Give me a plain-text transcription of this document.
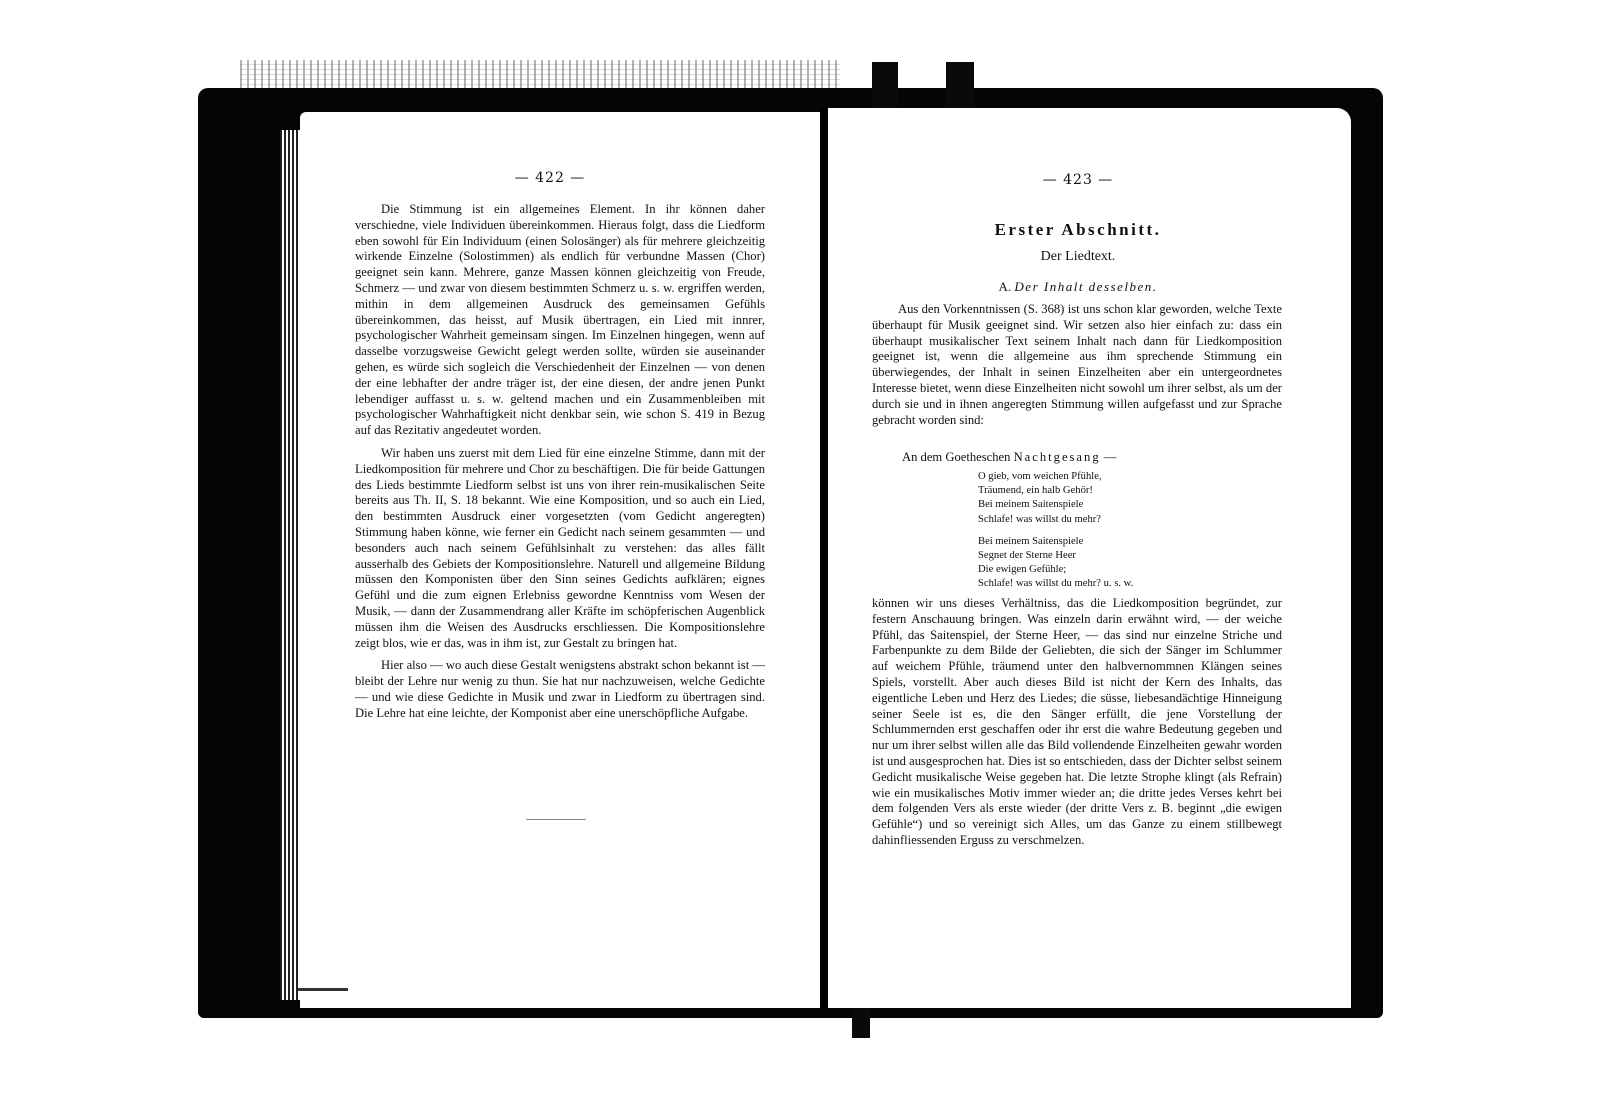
— 422 —

Die Stimmung ist ein allgemeines Element. In ihr können daher verschiedne, viele Individuen übereinkommen. Hieraus folgt, dass die Liedform eben sowohl für Ein Individuum (einen Solosänger) als für mehrere gleichzeitig wirkende Einzelne (Solostimmen) als endlich für verbundne Massen (Chor) geeignet sein kann. Mehrere, ganze Massen können gleichzeitig von Freude, Schmerz — und zwar von diesem bestimmten Schmerz u. s. w. ergriffen werden, mithin in dem allgemeinen Ausdruck des gemeinsamen Gefühls übereinkommen, das heisst, auf Musik übertragen, ein Lied mit innrer, psychologischer Wahrheit gemeinsam singen. Im Einzelnen hingegen, wenn auf dasselbe vorzugsweise Gewicht gelegt werden sollte, würden sie auseinander gehen, es würde sich sogleich die Verschiedenheit der Einzelnen — von denen der eine lebhafter der andre träger ist, der eine diesen, der andre jenen Punkt lebendiger auffasst u. s. w. geltend machen und ein Zusammenbleiben mit psychologischer Wahrhaftigkeit nicht denkbar sein, wie schon S. 419 in Bezug auf das Rezitativ angedeutet worden.

Wir haben uns zuerst mit dem Lied für eine einzelne Stimme, dann mit der Liedkomposition für mehrere und Chor zu beschäftigen. Die für beide Gattungen des Lieds bestimmte Liedform selbst ist uns von ihrer rein-musikalischen Seite bereits aus Th. II, S. 18 bekannt. Wie eine Komposition, und so auch ein Lied, den bestimmten Ausdruck einer vorgesetzten (vom Gedicht angeregten) Stimmung haben könne, wie ferner ein Gedicht nach seinem gesammten — und besonders auch nach seinem Gefühlsinhalt zu verstehen: das alles fällt ausserhalb des Gebiets der Kompositionslehre. Naturell und allgemeine Bildung müssen den Komponisten über den Sinn seines Gedichts aufklären; eignes Gefühl und die zum eignen Erlebniss gewordne Kenntniss vom Wesen der Musik, — dann der Zusammendrang aller Kräfte im schöpferischen Augenblick müssen ihm die Weisen des Ausdrucks erschliessen. Die Kompositionslehre zeigt blos, wie er das, was in ihm ist, zur Gestalt zu bringen hat.

Hier also — wo auch diese Gestalt wenigstens abstrakt schon bekannt ist — bleibt der Lehre nur wenig zu thun. Sie hat nur nachzuweisen, welche Gedichte — und wie diese Gedichte in Musik und zwar in Liedform zu übertragen sind. Die Lehre hat eine leichte, der Komponist aber eine unerschöpfliche Aufgabe.

— 423 —
Erster Abschnitt.
Der Liedtext.
A. Der Inhalt desselben.

Aus den Vorkenntnissen (S. 368) ist uns schon klar geworden, welche Texte überhaupt für Musik geeignet sind. Wir setzen also hier einfach zu: dass ein überhaupt musikalischer Text seinem Inhalt nach dann für Liedkomposition geeignet ist, wenn die allgemeine aus ihm sprechende Stimmung ein überwiegendes, der Inhalt in seinen Einzelheiten aber ein untergeordnetes Interesse bietet, wenn diese Einzelheiten nicht sowohl um ihrer selbst, als um der durch sie und in ihnen angeregten Stimmung willen aufgefasst und zur Sprache gebracht worden sind:

An dem Goetheschen Nachtgesang —
O gieb, vom weichen Pfühle,
Träumend, ein halb Gehör!
Bei meinem Saitenspiele
Schlafe! was willst du mehr?
Bei meinem Saitenspiele
Segnet der Sterne Heer
Die ewigen Gefühle;
Schlafe! was willst du mehr? u. s. w.

können wir uns dieses Verhältniss, das die Liedkomposition begründet, zur festern Anschauung bringen. Was einzeln darin erwähnt wird, — der weiche Pfühl, das Saitenspiel, der Sterne Heer, — das sind nur einzelne Striche und Farbenpunkte zu dem Bilde der Geliebten, die sich der Sänger im Schlummer auf weichem Pfühle, träumend unter den halbvernommnen Klängen seines Spiels, vorstellt. Aber auch dieses Bild ist nicht der Kern des Inhalts, das eigentliche Leben und Herz des Liedes; die süsse, liebesandächtige Hinneigung seiner Seele ist es, die den Sänger erfüllt, die jene Vorstellung der Schlummernden erst geschaffen oder ihr erst die wahre Bedeutung gegeben und nur um ihrer selbst willen alle das Bild vollendende Einzelheiten gewahr worden ist und ausgesprochen hat. Dies ist so entschieden, dass der Dichter selbst seinem Gedicht musikalische Weise gegeben hat. Die letzte Strophe klingt (als Refrain) wie ein musikalisches Motiv immer wieder an; die dritte jedes Verses kehrt bei dem folgenden Vers als erste wieder (der dritte Vers z. B. beginnt „die ewigen Gefühle“) und so vereinigt sich Alles, um das Ganze zu einem stillbewegt dahinfliessenden Erguss zu verschmelzen.
